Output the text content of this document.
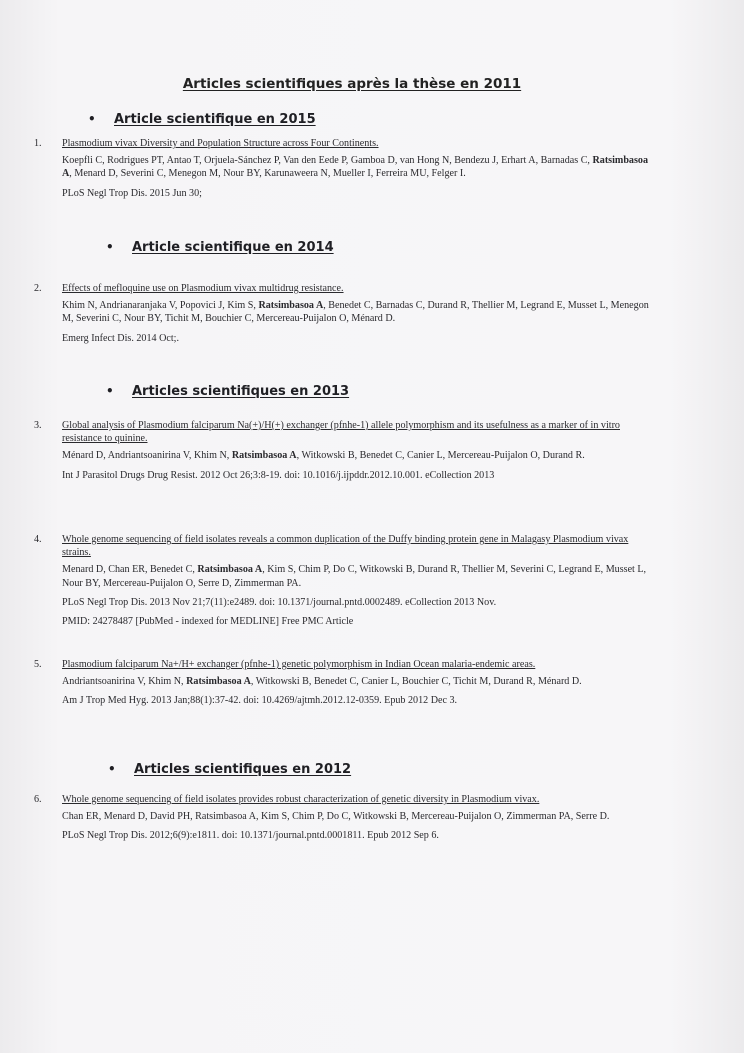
Articles scientifiques après la thèse en 2011
• Article scientifique en 2015
1. Plasmodium vivax Diversity and Population Structure across Four Continents.

Koepfli C, Rodrigues PT, Antao T, Orjuela-Sánchez P, Van den Eede P, Gamboa D, van Hong N, Bendezu J, Erhart A, Barnadas C, Ratsimbasoa A, Menard D, Severini C, Menegon M, Nour BY, Karunaweera N, Mueller I, Ferreira MU, Felger I.

PLoS Negl Trop Dis. 2015 Jun 30;

• Article scientifique en 2014
2. Effects of mefloquine use on Plasmodium vivax multidrug resistance.

Khim N, Andrianaranjaka V, Popovici J, Kim S, Ratsimbasoa A, Benedet C, Barnadas C, Durand R, Thellier M, Legrand E, Musset L, Menegon M, Severini C, Nour BY, Tichit M, Bouchier C, Mercereau-Puijalon O, Ménard D.

Emerg Infect Dis. 2014 Oct;.

• Articles scientifiques en 2013
3. Global analysis of Plasmodium falciparum Na(+)/H(+) exchanger (pfnhe-1) allele polymorphism and its usefulness as a marker of in vitro resistance to quinine.

Ménard D, Andriantsoanirina V, Khim N, Ratsimbasoa A, Witkowski B, Benedet C, Canier L, Mercereau-Puijalon O, Durand R.

Int J Parasitol Drugs Drug Resist. 2012 Oct 26;3:8-19. doi: 10.1016/j.ijpddr.2012.10.001. eCollection 2013

4. Whole genome sequencing of field isolates reveals a common duplication of the Duffy binding protein gene in Malagasy Plasmodium vivax strains.

Menard D, Chan ER, Benedet C, Ratsimbasoa A, Kim S, Chim P, Do C, Witkowski B, Durand R, Thellier M, Severini C, Legrand E, Musset L, Nour BY, Mercereau-Puijalon O, Serre D, Zimmerman PA.

PLoS Negl Trop Dis. 2013 Nov 21;7(11):e2489. doi: 10.1371/journal.pntd.0002489. eCollection 2013 Nov.

PMID: 24278487 [PubMed - indexed for MEDLINE] Free PMC Article

5. Plasmodium falciparum Na+/H+ exchanger (pfnhe-1) genetic polymorphism in Indian Ocean malaria-endemic areas.

Andriantsoanirina V, Khim N, Ratsimbasoa A, Witkowski B, Benedet C, Canier L, Bouchier C, Tichit M, Durand R, Ménard D.

Am J Trop Med Hyg. 2013 Jan;88(1):37-42. doi: 10.4269/ajtmh.2012.12-0359. Epub 2012 Dec 3.

• Articles scientifiques en 2012
6. Whole genome sequencing of field isolates provides robust characterization of genetic diversity in Plasmodium vivax.

Chan ER, Menard D, David PH, Ratsimbasoa A, Kim S, Chim P, Do C, Witkowski B, Mercereau-Puijalon O, Zimmerman PA, Serre D.

PLoS Negl Trop Dis. 2012;6(9):e1811. doi: 10.1371/journal.pntd.0001811. Epub 2012 Sep 6.
